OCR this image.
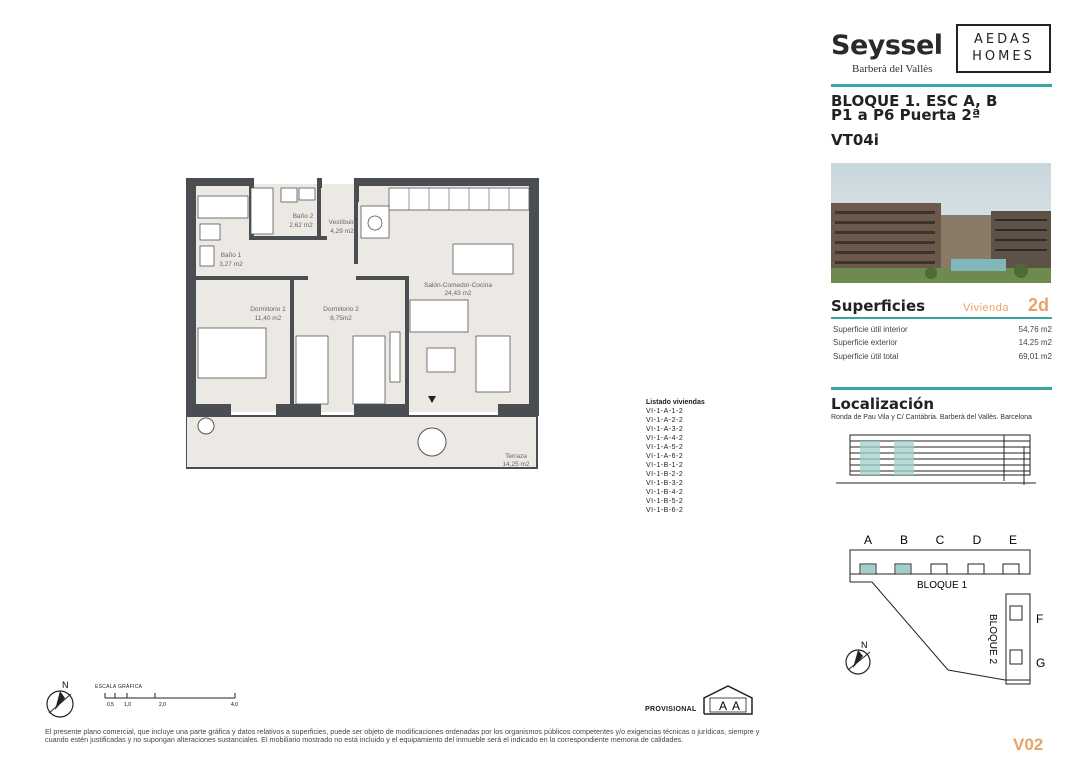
Seyssel
Barberà del Vallès
AEDAS
HOMES
BLOQUE 1. ESC A, B
P1 a P6 Puerta 2ª
VT04i
Superficies	Vivienda 2d
Superficie útil interior	54,76 m2
Superficie exterior	14,25 m2
Superficie útil total	69,01 m2
Localización
Ronda de Pau Vila y C/ Cantàbria. Barberà del Vallès. Barcelona
A B C D E
BLOQUE 1
BLOQUE 2	F
G
N
Baño 2
2,62 m2 Vestíbulo
4,29 m2
Baño 1
3,27 m2
Salón-Comedor-Cocina
24,43 m2
Dormitorio 1
11,40 m2
Dormitorio 2
8,75m2
Terraza
14,25 m2
Listado viviendas
VI-1-A-1-2
VI-1-A-2-2
VI-1-A-3-2
VI-1-A-4-2
VI-1-A-5-2
VI-1-A-6-2
VI-1-B-1-2
VI-1-B-2-2
VI-1-B-3-2
VI-1-B-4-2
VI-1-B-5-2
VI-1-B-6-2
N	ESCALA GRÁFICA
0,5 1,0	2,0	4,0
PROVISIONAL A A
El presente plano comercial, que incluye una parte gráfica y datos relativos a superficies, puede ser objeto de modificaciones ordenadas por los organismos públicos competentes y/o exigencias técnicas o jurídicas, siempre y cuando estén justificadas y no supongan alteraciones sustanciales. El mobiliario mostrado no está incluido y el equipamiento del inmueble será el indicado en la correspondiente memoria de calidades.	V02
